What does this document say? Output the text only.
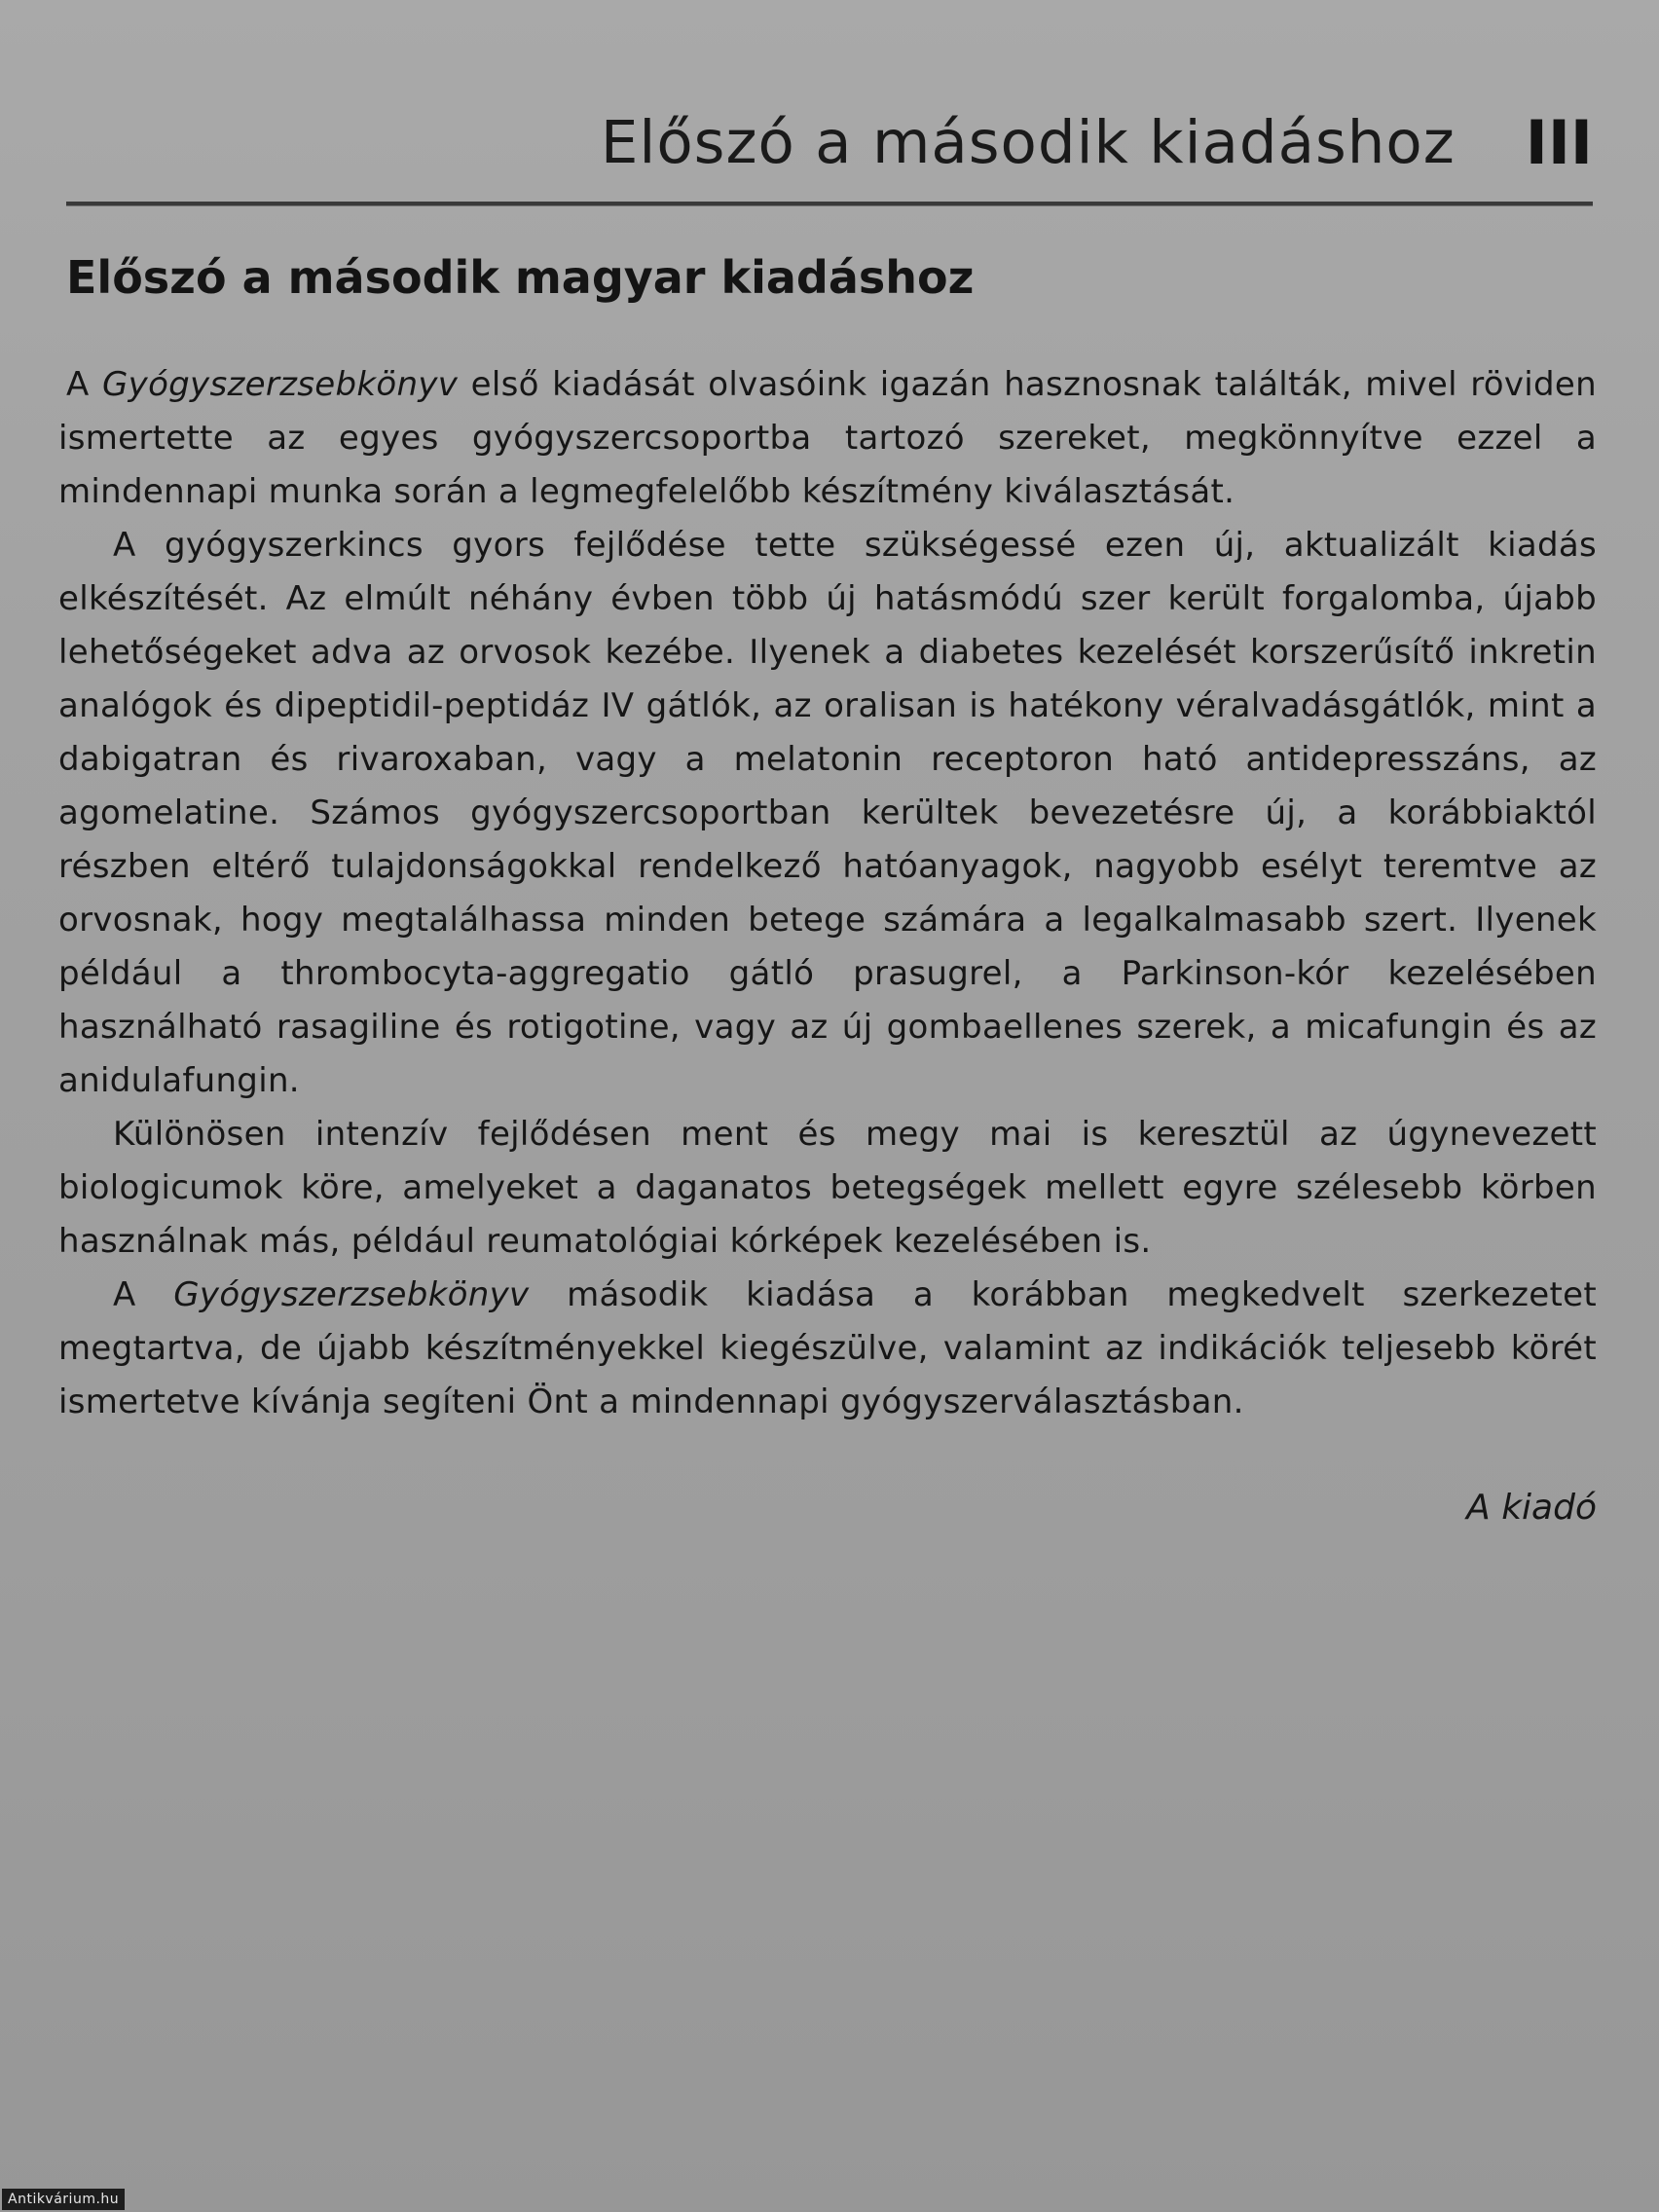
Előszó a második kiadáshoz III
Előszó a második magyar kiadáshoz

A Gyógyszerzsebkönyv első kiadását olvasóink igazán hasznosnak találták, mivel röviden ismertette az egyes gyógyszercsoportba tartozó szereket, megkönnyítve ezzel a mindennapi munka során a legmegfelelőbb készítmény kiválasztását.

A gyógyszerkincs gyors fejlődése tette szükségessé ezen új, aktualizált kiadás elkészítését. Az elmúlt néhány évben több új hatásmódú szer került forgalomba, újabb lehetőségeket adva az orvosok kezébe. Ilyenek a diabetes kezelését korszerűsítő inkretin analógok és dipeptidil-peptidáz IV gátlók, az oralisan is hatékony véralvadásgátlók, mint a dabigatran és rivaroxaban, vagy a melatonin receptoron ható antidepresszáns, az agomelatine. Számos gyógyszercsoportban kerültek bevezetésre új, a korábbiaktól részben eltérő tulajdonságokkal rendelkező hatóanyagok, nagyobb esélyt teremtve az orvosnak, hogy megtalálhassa minden betege számára a legalkalmasabb szert. Ilyenek például a thrombocyta-aggregatio gátló prasugrel, a Parkinson-kór kezelésében használható rasagiline és rotigotine, vagy az új gombaellenes szerek, a micafungin és az anidulafungin.

Különösen intenzív fejlődésen ment és megy mai is keresztül az úgynevezett biologicumok köre, amelyeket a daganatos betegségek mellett egyre szélesebb körben használnak más, például reumatológiai kórképek kezelésében is.

A Gyógyszerzsebkönyv második kiadása a korábban megkedvelt szerkezetet megtartva, de újabb készítményekkel kiegészülve, valamint az indikációk teljesebb körét ismertetve kívánja segíteni Önt a mindennapi gyógyszerválasztásban.

A kiadó
Antikvárium.hu
